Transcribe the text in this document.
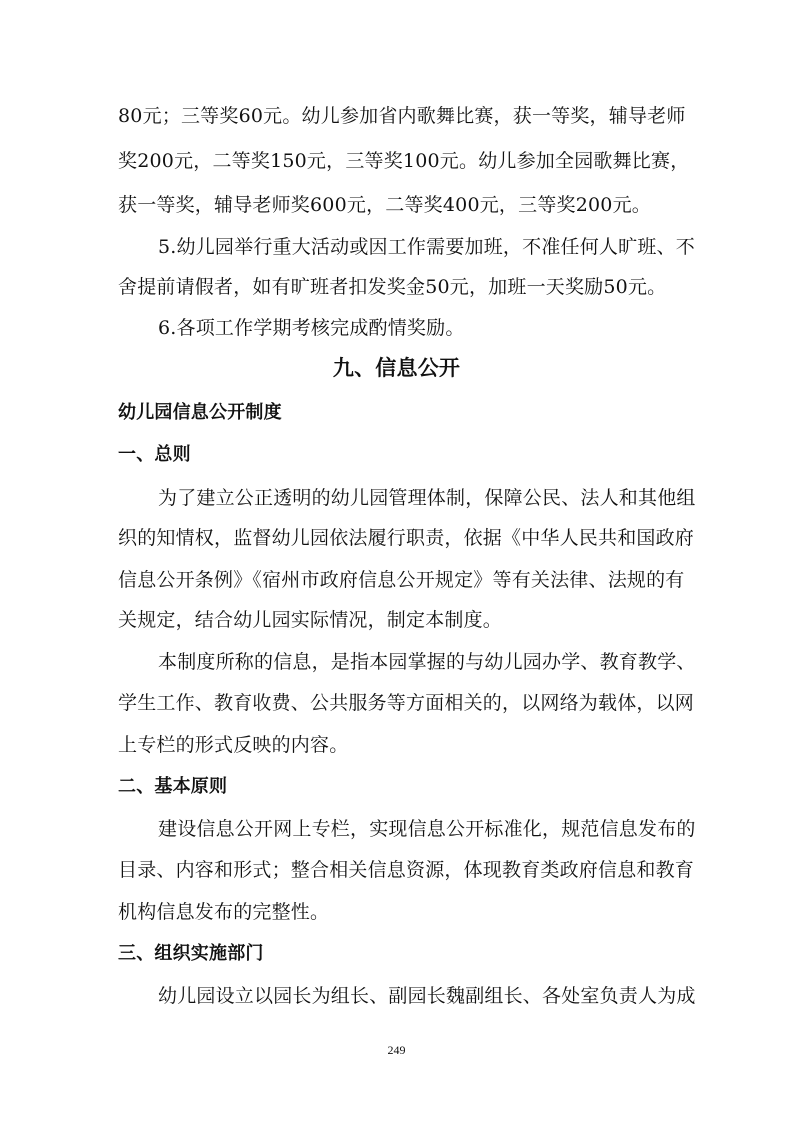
80元；三等奖60元。幼儿参加省内歌舞比赛，获一等奖，辅导老师
奖200元，二等奖150元，三等奖100元。幼儿参加全园歌舞比赛，
获一等奖，辅导老师奖600元，二等奖400元，三等奖200元。
5.幼儿园举行重大活动或因工作需要加班，不准任何人旷班、不
舍提前请假者，如有旷班者扣发奖金50元，加班一天奖励50元。
6.各项工作学期考核完成酌情奖励。
九、信息公开
幼儿园信息公开制度
一、总则
为了建立公正透明的幼儿园管理体制，保障公民、法人和其他组
织的知情权，监督幼儿园依法履行职责，依据《中华人民共和国政府
信息公开条例》《宿州市政府信息公开规定》等有关法律、法规的有
关规定，结合幼儿园实际情况，制定本制度。
本制度所称的信息，是指本园掌握的与幼儿园办学、教育教学、
学生工作、教育收费、公共服务等方面相关的，以网络为载体，以网
上专栏的形式反映的内容。
二、基本原则
建设信息公开网上专栏，实现信息公开标准化，规范信息发布的
目录、内容和形式；整合相关信息资源，体现教育类政府信息和教育
机构信息发布的完整性。
三、组织实施部门
幼儿园设立以园长为组长、副园长魏副组长、各处室负责人为成
249
